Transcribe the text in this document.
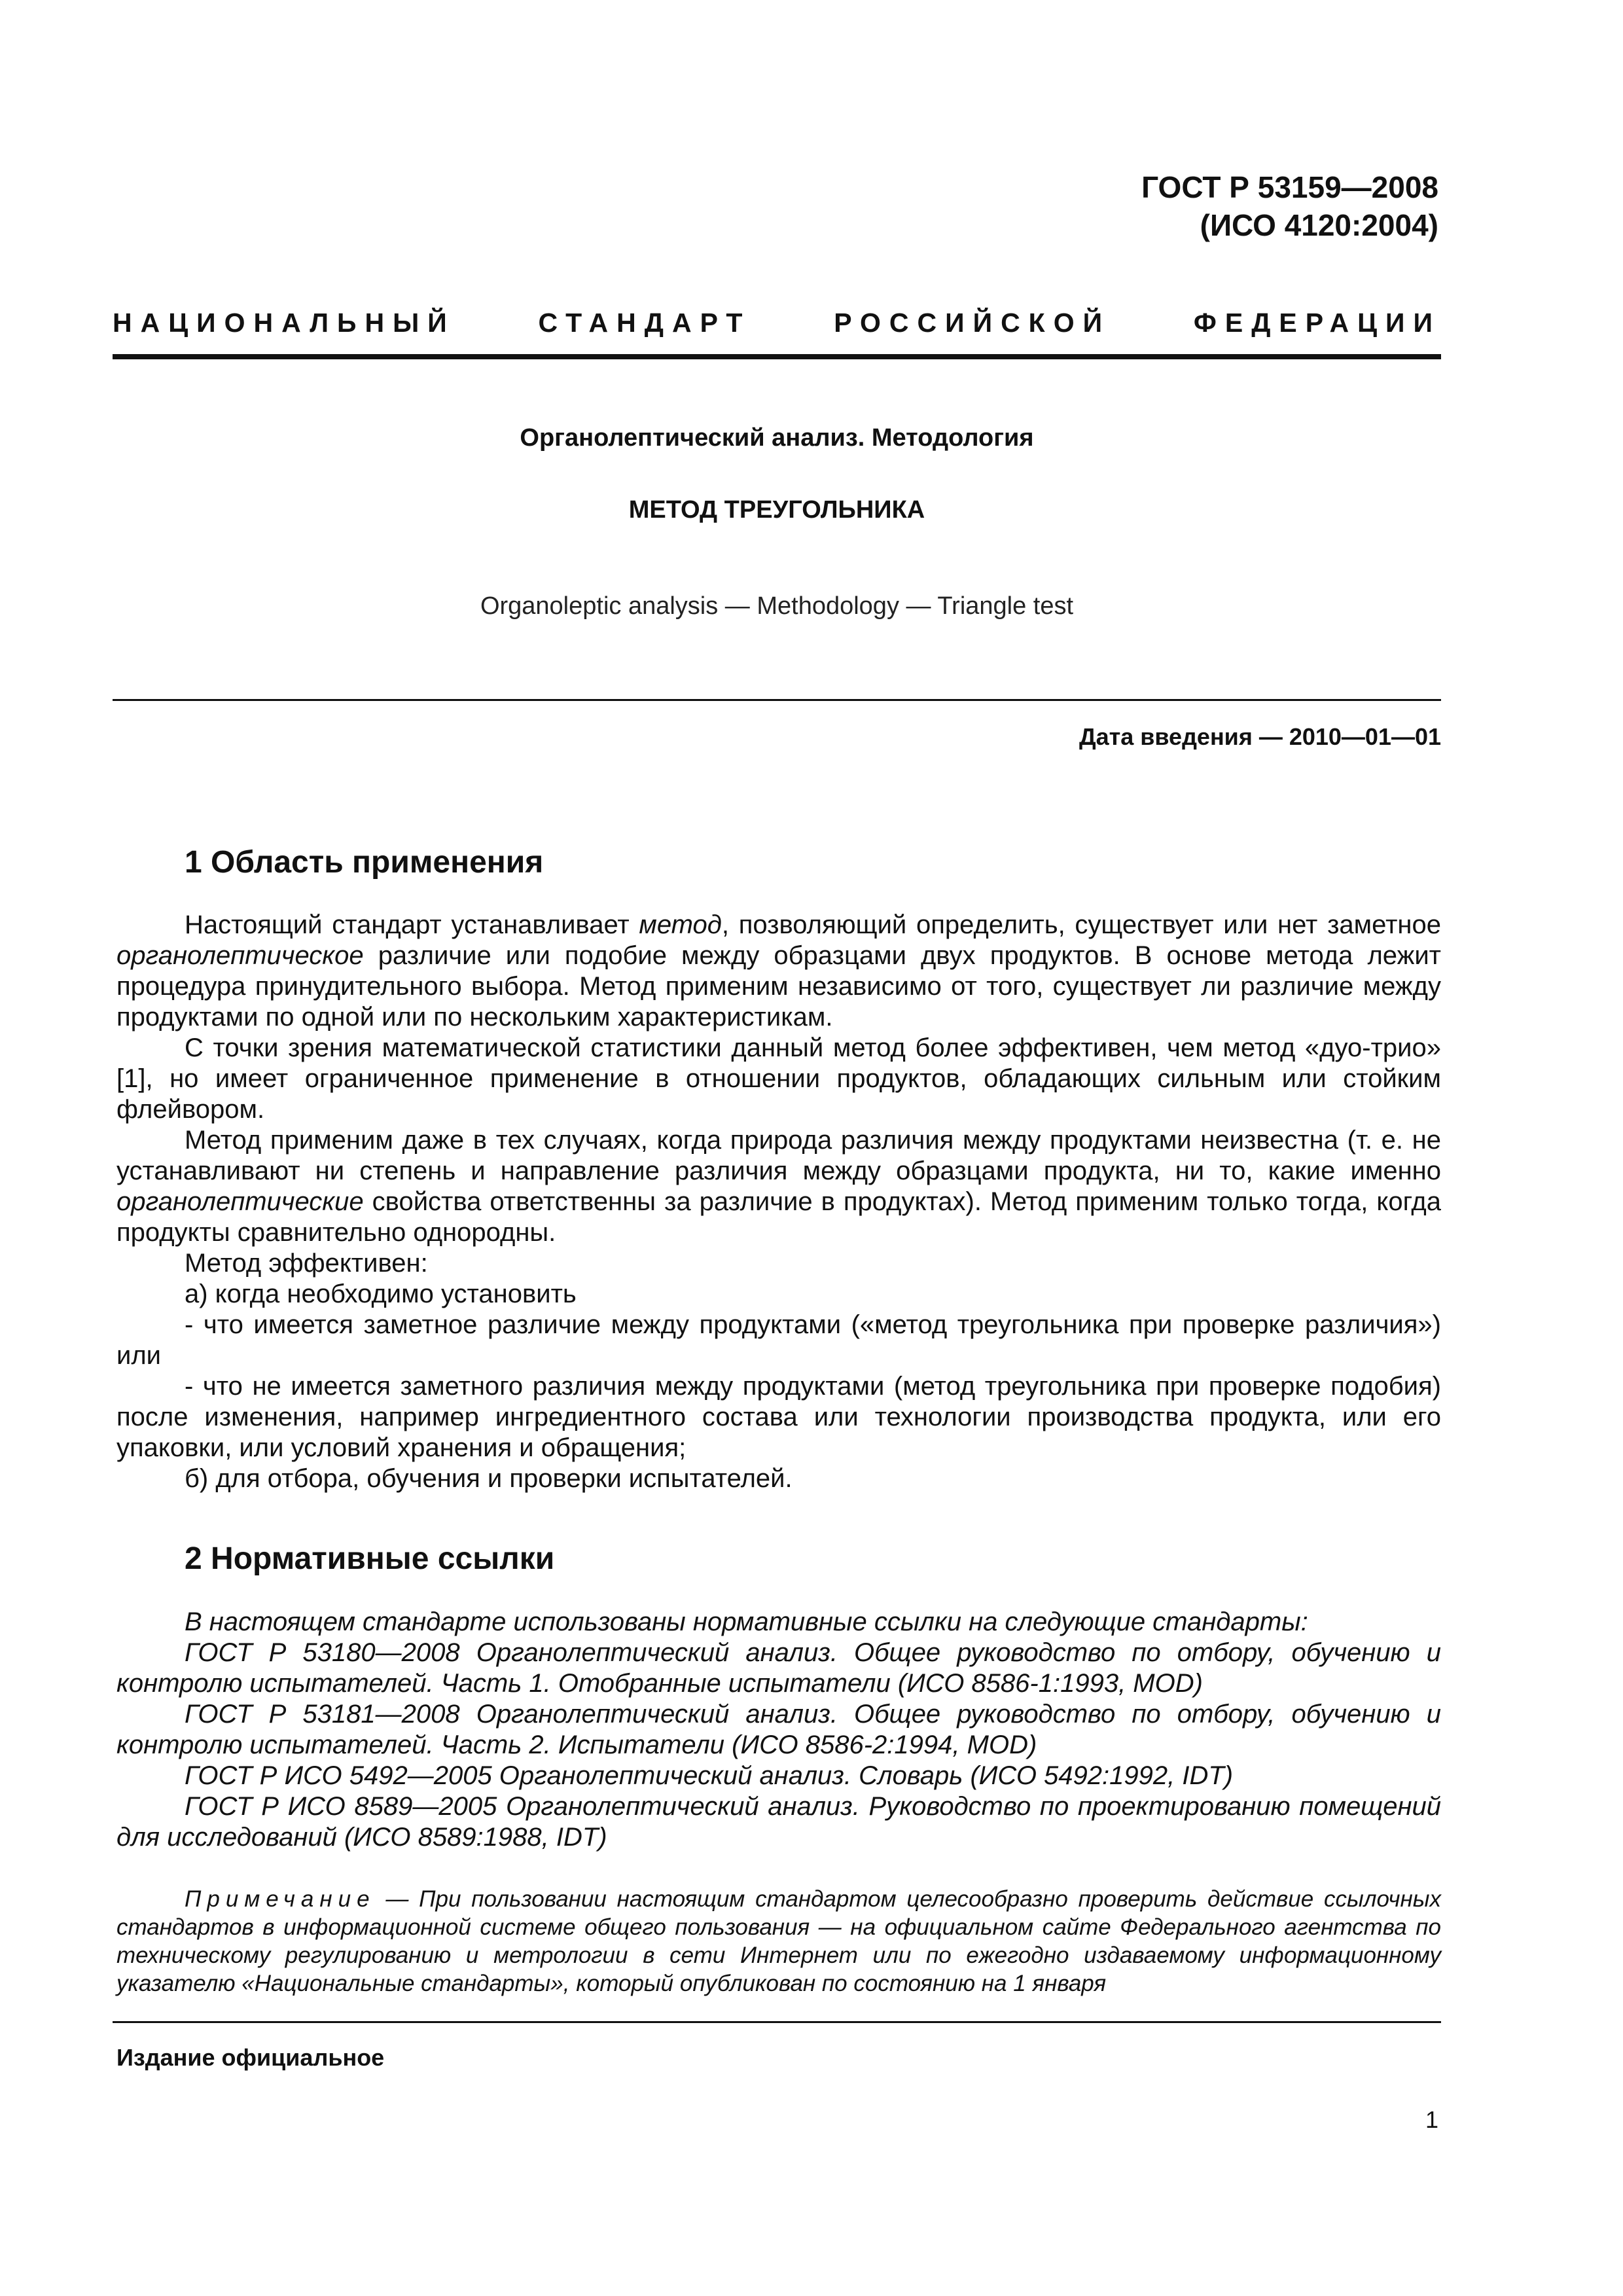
ГОСТ Р 53159—2008
(ИСО 4120:2004)
НАЦИОНАЛЬНЫЙ СТАНДАРТ РОССИЙСКОЙ ФЕДЕРАЦИИ
Органолептический анализ. Методология
МЕТОД ТРЕУГОЛЬНИКА
Organoleptic analysis — Methodology — Triangle test
Дата введения — 2010—01—01
1 Область применения

Настоящий стандарт устанавливает метод, позволяющий определить, существует или нет заметное органолептическое различие или подобие между образцами двух продуктов. В основе метода лежит процедура принудительного выбора. Метод применим независимо от того, существует ли различие между продуктами по одной или по нескольким характеристикам.

С точки зрения математической статистики данный метод более эффективен, чем метод «дуо-трио» [1], но имеет ограниченное применение в отношении продуктов, обладающих сильным или стойким флейвором.

Метод применим даже в тех случаях, когда природа различия между продуктами неизвестна (т. е. не устанавливают ни степень и направление различия между образцами продукта, ни то, какие именно органолептические свойства ответственны за различие в продуктах). Метод применим только тогда, когда продукты сравнительно однородны.

Метод эффективен:

а) когда необходимо установить

- что имеется заметное различие между продуктами («метод треугольника при проверке различия») или

- что не имеется заметного различия между продуктами (метод треугольника при проверке подобия) после изменения, например ингредиентного состава или технологии производства продукта, или его упаковки, или условий хранения и обращения;

б) для отбора, обучения и проверки испытателей.

2 Нормативные ссылки

В настоящем стандарте использованы нормативные ссылки на следующие стандарты:

ГОСТ Р 53180—2008 Органолептический анализ. Общее руководство по отбору, обучению и контролю испытателей. Часть 1. Отобранные испытатели (ИСО 8586-1:1993, MOD)

ГОСТ Р 53181—2008 Органолептический анализ. Общее руководство по отбору, обучению и контролю испытателей. Часть 2. Испытатели (ИСО 8586-2:1994, MOD)

ГОСТ Р ИСО 5492—2005 Органолептический анализ. Словарь (ИСО 5492:1992, IDT)

ГОСТ Р ИСО 8589—2005 Органолептический анализ. Руководство по проектированию помещений для исследований (ИСО 8589:1988, IDT)

Примечание — При пользовании настоящим стандартом целесообразно проверить действие ссылочных стандартов в информационной системе общего пользования — на официальном сайте Федерального агентства по техническому регулированию и метрологии в сети Интернет или по ежегодно издаваемому информационному указателю «Национальные стандарты», который опубликован по состоянию на 1 января
Издание официальное
1
